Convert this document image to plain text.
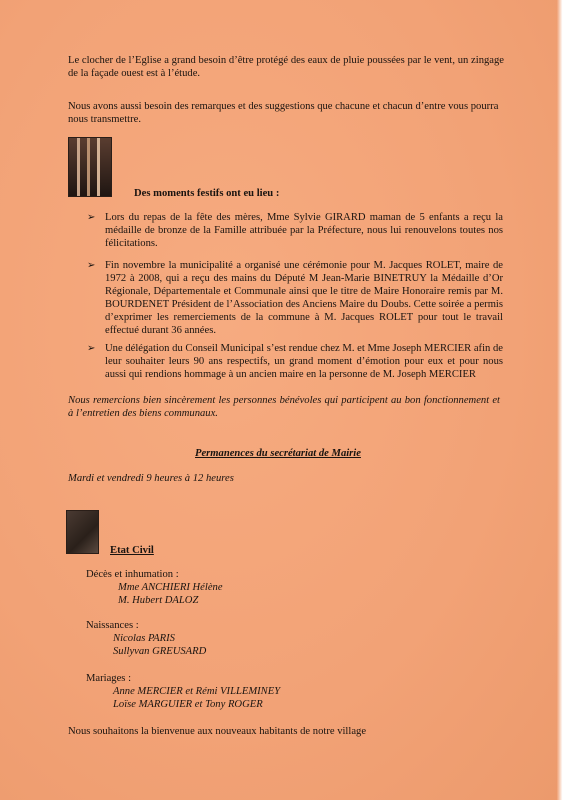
Le clocher de l’Eglise a grand besoin d’être protégé des eaux de pluie poussées par le vent, un zingage de la façade ouest est à l’étude.

Nous avons aussi besoin des remarques et des suggestions que chacune et chacun d’entre vous pourra nous transmettre.

Des moments festifs ont eu lieu :

➢ Lors du repas de la fête des mères, Mme Sylvie GIRARD maman de 5 enfants a reçu la médaille de bronze de la Famille attribuée par la Préfecture, nous lui renouvelons toutes nos félicitations.

➢ Fin novembre la municipalité a organisé une cérémonie pour M. Jacques ROLET, maire de 1972 à 2008, qui a reçu des mains du Député M Jean-Marie BINETRUY la Médaille d’Or Régionale, Départementale et Communale ainsi que le titre de Maire Honoraire remis par M. BOURDENET Président de l’Association des Anciens Maire du Doubs. Cette soirée a permis d’exprimer les remerciements de la commune à M. Jacques ROLET pour tout le travail effectué durant 36 années.

➢ Une délégation du Conseil Municipal s’est rendue chez M. et Mme Joseph MERCIER afin de leur souhaiter leurs 90 ans respectifs, un grand moment d’émotion pour eux et pour nous aussi qui rendions hommage à un ancien maire en la personne de M. Joseph MERCIER

Nous remercions bien sincèrement les personnes bénévoles qui participent au bon fonctionnement et à l’entretien des biens communaux.

Permanences du secrétariat de Mairie

Mardi et vendredi 9 heures à 12 heures

Etat Civil

Décès et inhumation :

Mme ANCHIERI Hélène

M. Hubert DALOZ

Naissances :

Nicolas PARIS

Sullyvan GREUSARD

Mariages :

Anne MERCIER et Rémi VILLEMINEY

Loïse MARGUIER et Tony ROGER

Nous souhaitons la bienvenue aux nouveaux habitants de notre village
